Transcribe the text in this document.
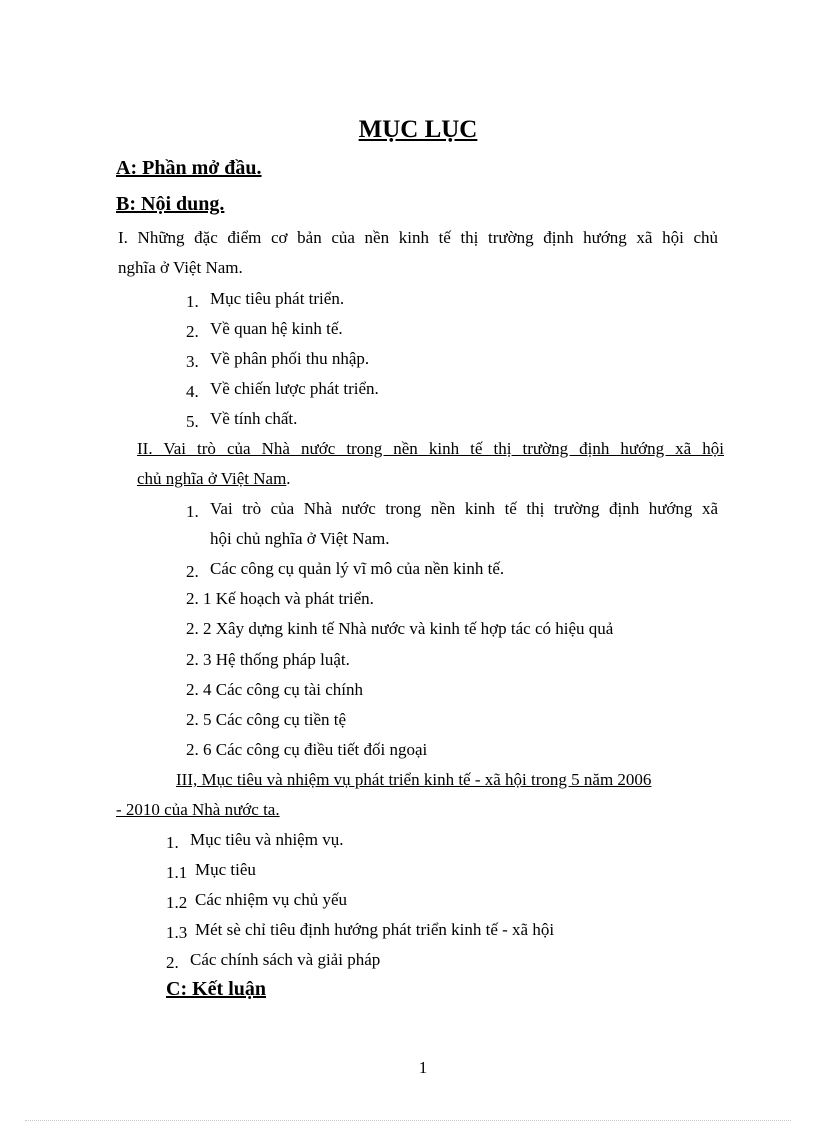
MỤC LỤC
A: Phần mở đầu.
B: Nội dung.
I. Những đặc điểm cơ bản của nền kinh tế thị trường định hướng xã hội chủ
nghĩa ở Việt Nam.
1. Mục tiêu phát triển.
2. Về quan hệ kinh tế.
3. Về phân phối thu nhập.
4. Về chiến lược phát triển.
5. Về tính chất.
II. Vai trò của Nhà nước trong nền kinh tế thị trường định hướng xã hội
chủ nghĩa ở Việt Nam.
1. Vai trò của Nhà nước trong nền kinh tế thị trường định hướng xã
hội chủ nghĩa ở Việt Nam.
2. Các công cụ quản lý vĩ mô của nền kinh tế.
2. 1 Kế hoạch và phát triển.
2. 2 Xây dựng kinh tế Nhà nước và kinh tế hợp tác có hiệu quả
2. 3 Hệ thống pháp luật.
2. 4 Các công cụ tài chính
2. 5 Các công cụ tiền tệ
2. 6 Các công cụ điều tiết đối ngoại
III, Mục tiêu và nhiệm vụ phát triển kinh tế - xã hội trong 5 năm 2006
- 2010 của Nhà nước ta.
1. Mục tiêu và nhiệm vụ.
1.1 Mục tiêu
1.2 Các nhiệm vụ chủ yếu
1.3 Mét sè chỉ tiêu định hướng phát triển kinh tế - xã hội
2. Các chính sách và giải pháp
C: Kết luận
1
